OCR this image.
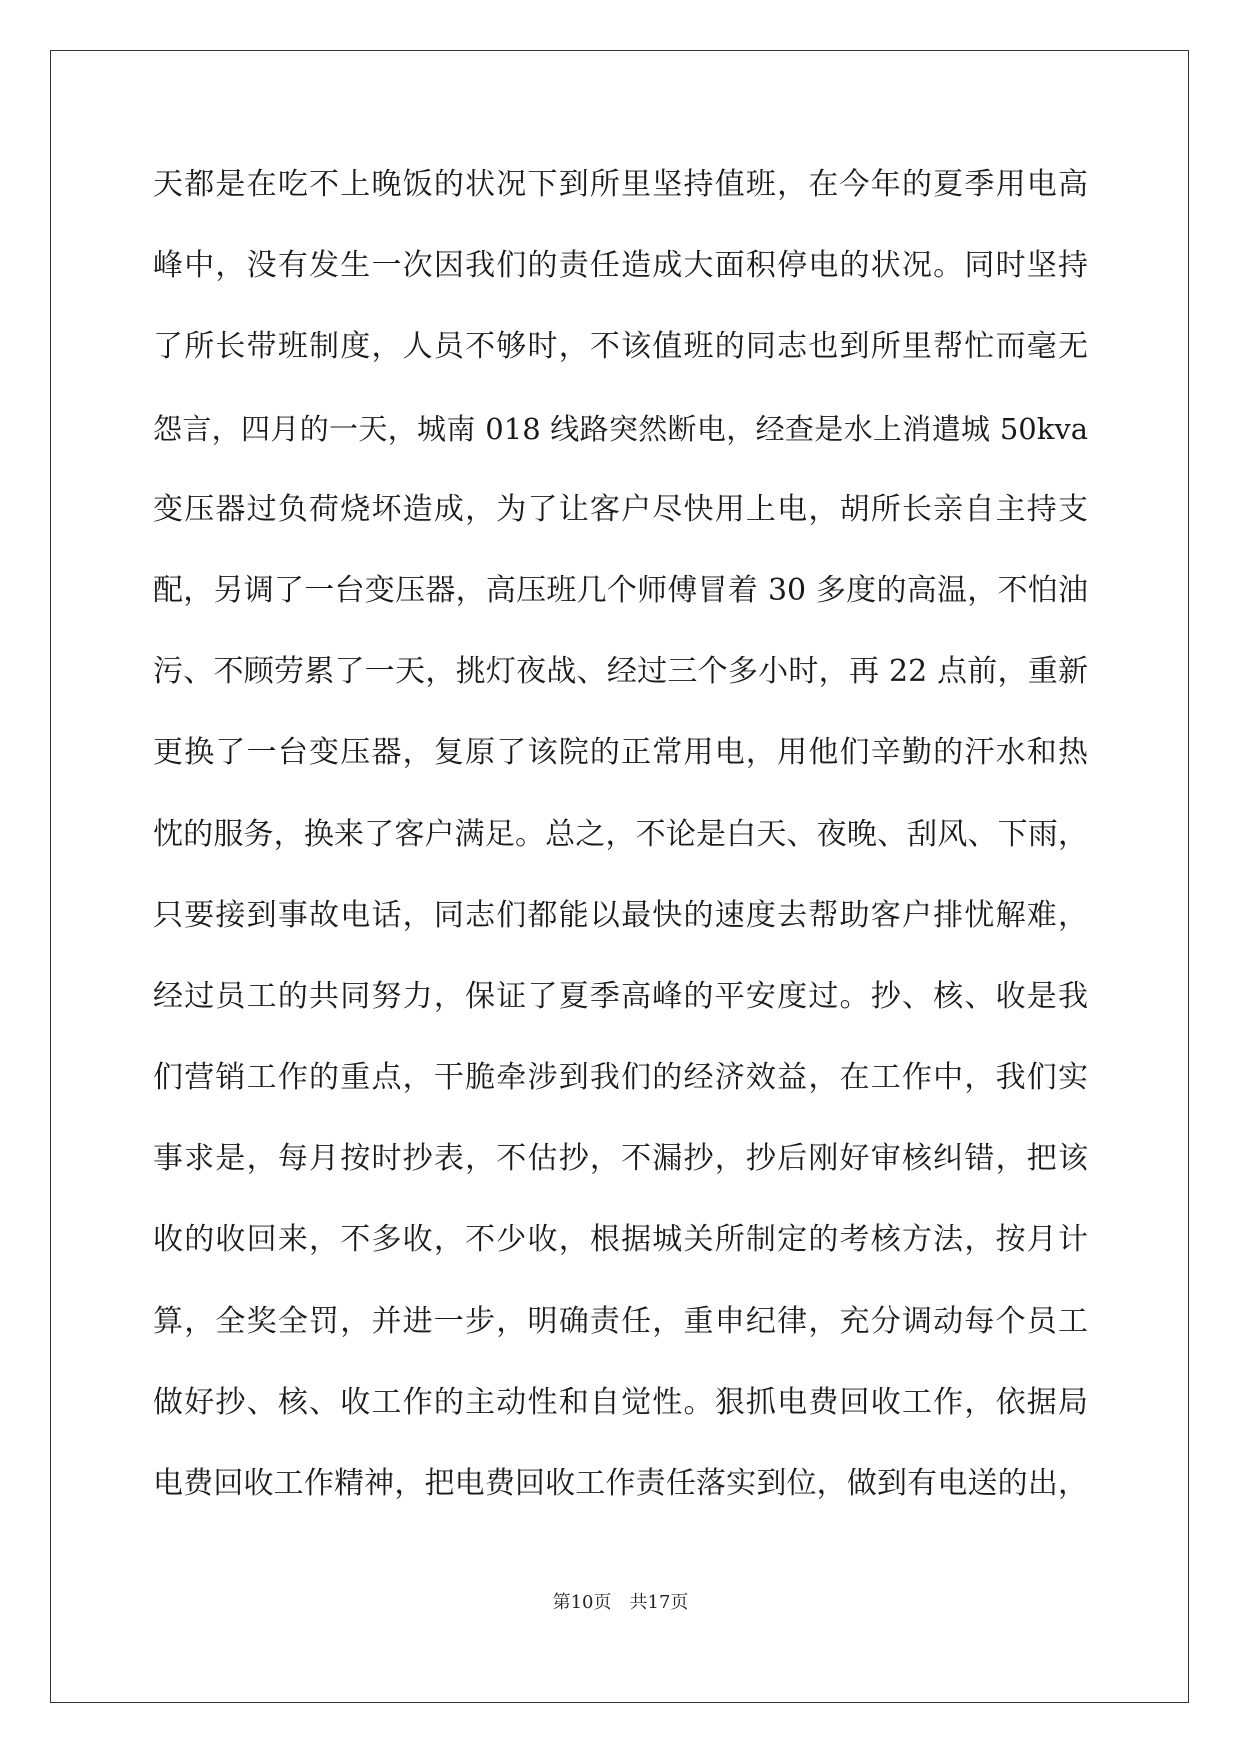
天都是在吃不上晚饭的状况下到所里坚持值班，在今年的夏季用电高
峰中，没有发生一次因我们的责任造成大面积停电的状况。同时坚持
了所长带班制度，人员不够时，不该值班的同志也到所里帮忙而毫无
怨言，四月的一天，城南 018 线路突然断电，经查是水上消遣城 50kva
变压器过负荷烧坏造成，为了让客户尽快用上电，胡所长亲自主持支
配，另调了一台变压器，高压班几个师傅冒着 30 多度的高温，不怕油
污、不顾劳累了一天，挑灯夜战、经过三个多小时，再 22 点前，重新
更换了一台变压器，复原了该院的正常用电，用他们辛勤的汗水和热
忱的服务，换来了客户满足。总之，不论是白天、夜晚、刮风、下雨，
只要接到事故电话，同志们都能以最快的速度去帮助客户排忧解难，
经过员工的共同努力，保证了夏季高峰的平安度过。抄、核、收是我
们营销工作的重点，干脆牵涉到我们的经济效益，在工作中，我们实
事求是，每月按时抄表，不估抄，不漏抄，抄后刚好审核纠错，把该
收的收回来，不多收，不少收，根据城关所制定的考核方法，按月计
算，全奖全罚，并进一步，明确责任，重申纪律，充分调动每个员工
做好抄、核、收工作的主动性和自觉性。狠抓电费回收工作，依据局
电费回收工作精神，把电费回收工作责任落实到位，做到有电送的出，
第10页　共17页
